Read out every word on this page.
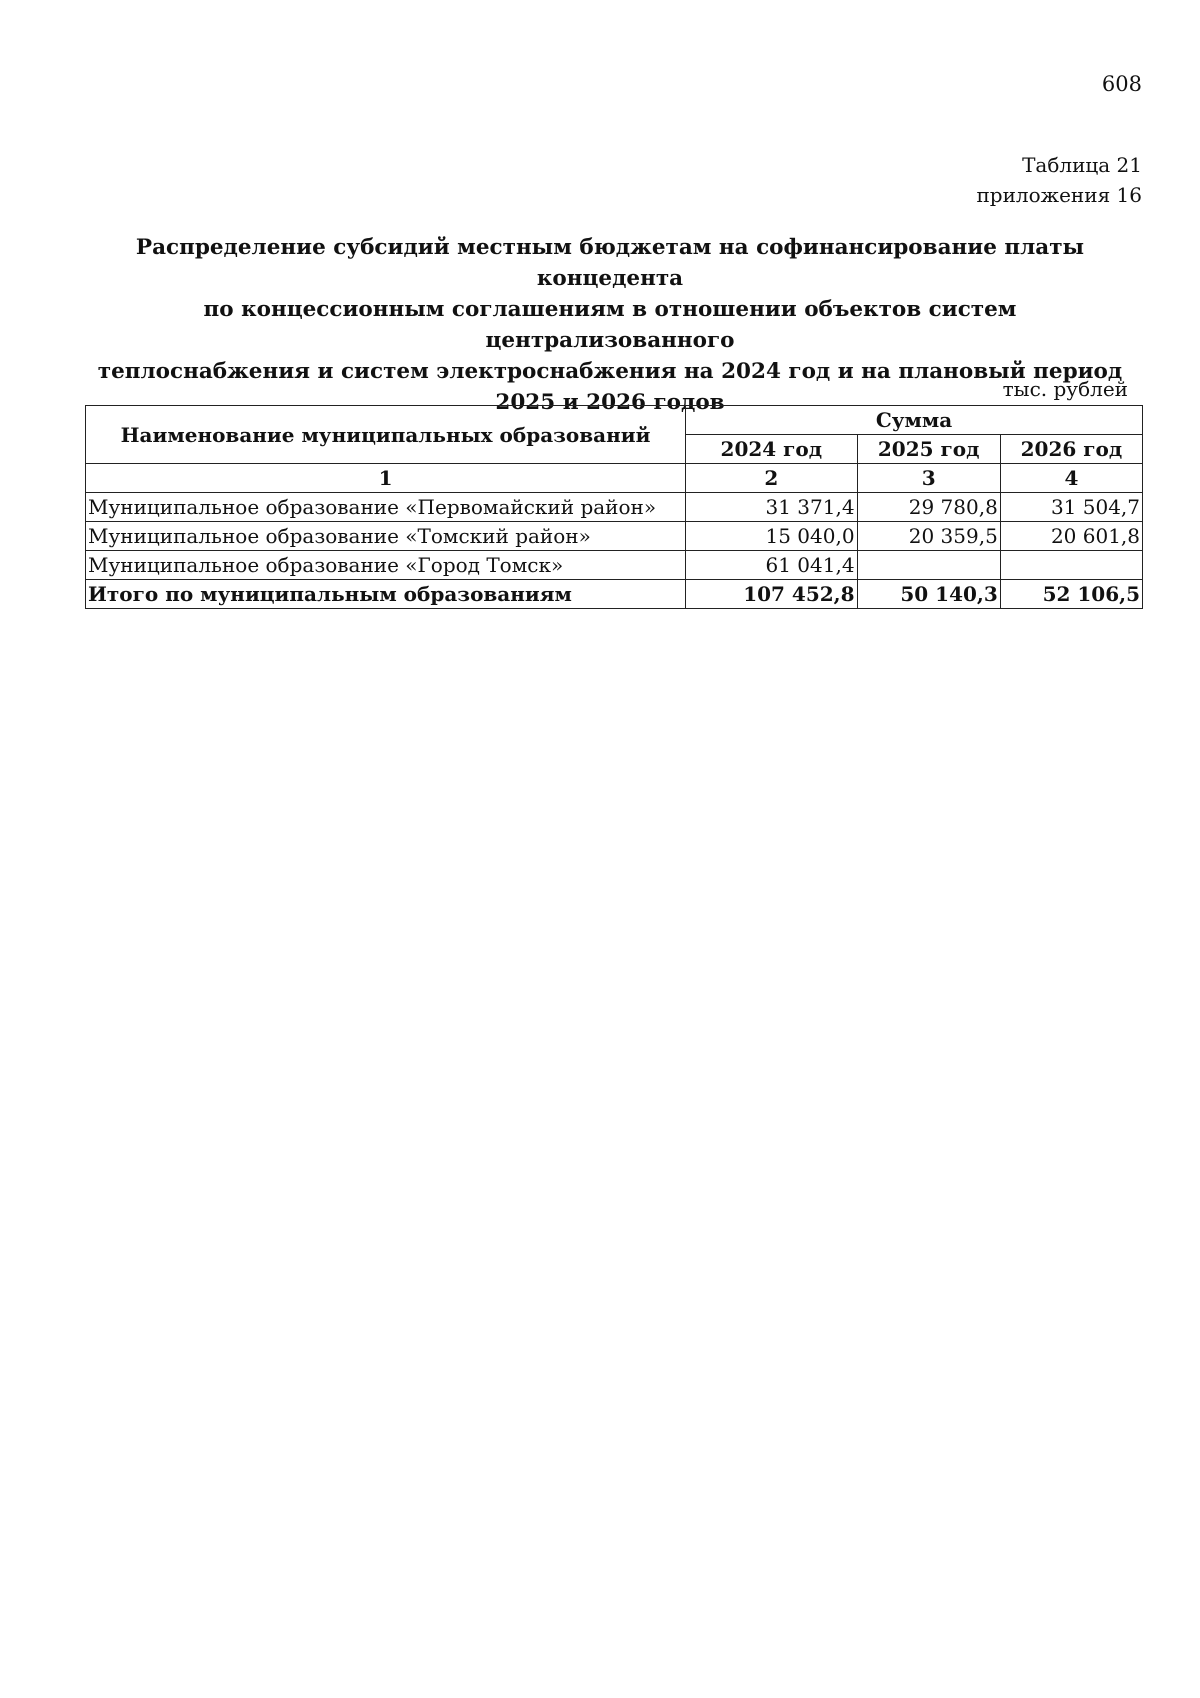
608
Таблица 21
приложения 16
Распределение субсидий местным бюджетам на софинансирование платы концедента
по концессионным соглашениям в отношении объектов систем централизованного
теплоснабжения и систем электроснабжения на 2024 год и на плановый период
2025 и 2026 годов
тыс. рублей
Наименование муниципальных образований	Сумма		
	2024 год	2025 год	2026 год
1	2	3	4
Муниципальное образование «Первомайский район»	31 371,4	29 780,8	31 504,7
Муниципальное образование «Томский район»	15 040,0	20 359,5	20 601,8
Муниципальное образование «Город Томск»	61 041,4		
Итого по муниципальным образованиям	107 452,8	50 140,3	52 106,5
